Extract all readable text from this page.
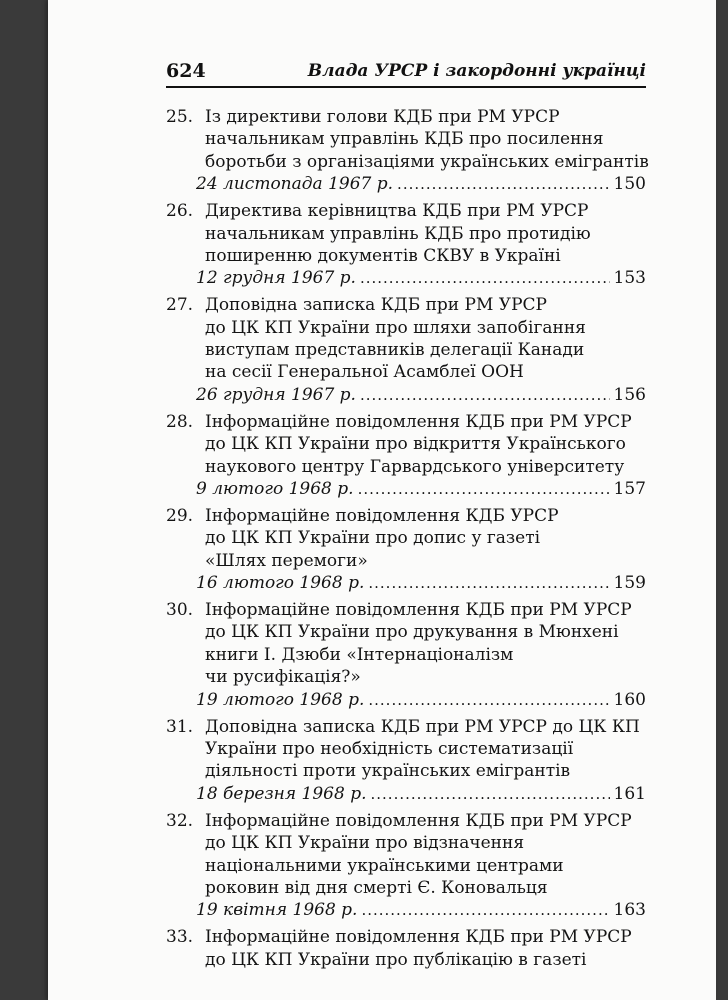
624	Влада УРСР і закордонні українці
25. Із директиви голови КДБ при РМ УРСР
начальникам управлінь КДБ про посилення
боротьби з організаціями українських емігрантів
24 листопада 1967 р. .....	150
26. Директива керівництва КДБ при РМ УРСР
начальникам управлінь КДБ про протидію
поширенню документів СКВУ в Україні
12 грудня 1967 р. .....	153
27. Доповідна записка КДБ при РМ УРСР
до ЦК КП України про шляхи запобігання
виступам представників делегації Канади
на сесії Генеральної Асамблеї ООН
26 грудня 1967 р. .....	156
28. Інформаційне повідомлення КДБ при РМ УРСР
до ЦК КП України про відкриття Українського
наукового центру Гарвардського університету
9 лютого 1968 р. .....	157
29. Інформаційне повідомлення КДБ УРСР
до ЦК КП України про допис у газеті
«Шлях перемоги»
16 лютого 1968 р. .....	159
30. Інформаційне повідомлення КДБ при РМ УРСР
до ЦК КП України про друкування в Мюнхені
книги І. Дзюби «Інтернаціоналізм
чи русифікація?»
19 лютого 1968 р. .....	160
31. Доповідна записка КДБ при РМ УРСР до ЦК КП
України про необхідність систематизації
діяльності проти українських емігрантів
18 березня 1968 р. .....	161
32. Інформаційне повідомлення КДБ при РМ УРСР
до ЦК КП України про відзначення
національними українськими центрами
роковин від дня смерті Є. Коновальця
19 квітня 1968 р. .....	163
33. Інформаційне повідомлення КДБ при РМ УРСР
до ЦК КП України про публікацію в газеті
